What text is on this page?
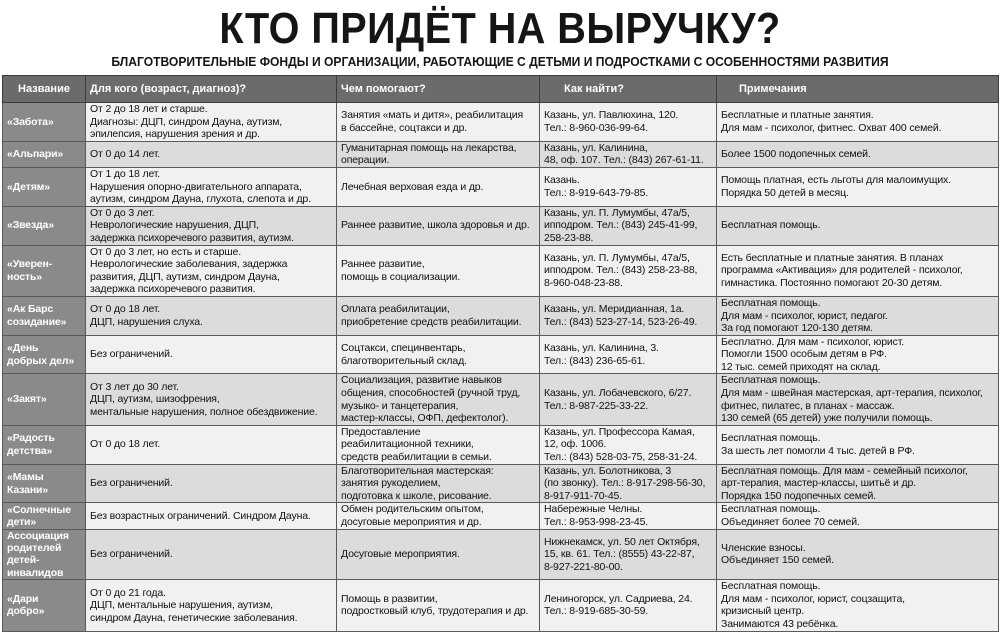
КТО ПРИДЁТ НА ВЫРУЧКУ?
БЛАГОТВОРИТЕЛЬНЫЕ ФОНДЫ И ОРГАНИЗАЦИИ, РАБОТАЮЩИЕ С ДЕТЬМИ И ПОДРОСТКАМИ С ОСОБЕННОСТЯМИ РАЗВИТИЯ
Название	Для кого (возраст, диагноз)?	Чем помогают?	Как найти?	Примечания

«Забота»	От 2 до 18 лет и старше.
Диагнозы: ДЦП, синдром Дауна, аутизм,
эпилепсия, нарушения зрения и др.	Занятия «мать и дитя», реабилитация
в бассейне, соцтакси и др.	Казань, ул. Павлюхина, 120.
Тел.: 8-960-036-99-64.	Бесплатные и платные занятия.
Для мам - психолог, фитнес. Охват 400 семей.

«Альпари»	От 0 до 14 лет.	Гуманитарная помощь на лекарства,
операции.	Казань, ул. Калинина,
48, оф. 107. Тел.: (843) 267-61-11.	Более 1500 подопечных семей.

«Детям»	От 1 до 18 лет.
Нарушения опорно-двигательного аппарата,
аутизм, синдром Дауна, глухота, слепота и др.	Лечебная верховая езда и др.	Казань.
Тел.: 8-919-643-79-85.	Помощь платная, есть льготы для малоимущих.
Порядка 50 детей в месяц.

«Звезда»	От 0 до 3 лет.
Неврологические нарушения, ДЦП,
задержка психоречевого развития, аутизм.	Раннее развитие, школа здоровья и др.	Казань, ул. П. Лумумбы, 47а/5,
ипподром. Тел.: (843) 245-41-99,
258-23-88.	Бесплатная помощь.

«Уверен-
ность»	От 0 до 3 лет, но есть и старше.
Неврологические заболевания, задержка
развития, ДЦП, аутизм, синдром Дауна,
задержка психоречевого развития.	Раннее развитие,
помощь в социализации.	Казань, ул. П. Лумумбы, 47а/5,
ипподром. Тел.: (843) 258-23-88,
8-960-048-23-88.	Есть бесплатные и платные занятия. В планах
программа «Активация» для родителей - психолог,
гимнастика. Постоянно помогают 20-30 детям.

«Ак Барс
созидание»	От 0 до 18 лет.
ДЦП, нарушения слуха.	Оплата реабилитации,
приобретение средств реабилитации.	Казань, ул. Меридианная, 1а.
Тел.: (843) 523-27-14, 523-26-49.	Бесплатная помощь.
Для мам - психолог, юрист, педагог.
За год помогают 120-130 детям.

«День
добрых дел»	Без ограничений.	Соцтакси, специнвентарь,
благотворительный склад.	Казань, ул. Калинина, 3.
Тел.: (843) 236-65-61.	Бесплатно. Для мам - психолог, юрист.
Помогли 1500 особым детям в РФ.
12 тыс. семей приходят на склад.

«Закят»	От 3 лет до 30 лет.
ДЦП, аутизм, шизофрения,
ментальные нарушения, полное обездвижение.	Социализация, развитие навыков
общения, способностей (ручной труд,
музыко- и танцетерапия,
мастер-классы, ОФП, дефектолог).	Казань, ул. Лобачевского, 6/27.
Тел.: 8-987-225-33-22.	Бесплатная помощь.
Для мам - швейная мастерская, арт-терапия, психолог,
фитнес, пилатес, в планах - массаж.
130 семей (65 детей) уже получили помощь.

«Радость
детства»	От 0 до 18 лет.	Предоставление
реабилитационной техники,
средств реабилитации в семьи.	Казань, ул. Профессора Камая,
12, оф. 1006.
Тел.: (843) 528-03-75, 258-31-24.	Бесплатная помощь.
За шесть лет помогли 4 тыс. детей в РФ.

«Мамы
Казани»	Без ограничений.	Благотворительная мастерская:
занятия рукоделием,
подготовка к школе, рисование.	Казань, ул. Болотникова, 3
(по звонку). Тел.: 8-917-298-56-30,
8-917-911-70-45.	Бесплатная помощь. Для мам - семейный психолог,
арт-терапия, мастер-классы, шитьё и др.
Порядка 150 подопечных семей.

«Солнечные
дети»	Без возрастных ограничений. Синдром Дауна.	Обмен родительским опытом,
досуговые мероприятия и др.	Набережные Челны.
Тел.: 8-953-998-23-45.	Бесплатная помощь.
Объединяет более 70 семей.

Ассоциация
родителей
детей-
инвалидов	Без ограничений.	Досуговые мероприятия.	Нижнекамск, ул. 50 лет Октября,
15, кв. 61. Тел.: (8555) 43-22-87,
8-927-221-80-00.	Членские взносы.
Объединяет 150 семей.

«Дари
добро»	От 0 до 21 года.
ДЦП, ментальные нарушения, аутизм,
синдром Дауна, генетические заболевания.	Помощь в развитии,
подростковый клуб, трудотерапия и др.	Лениногорск, ул. Садриева, 24.
Тел.: 8-919-685-30-59.	Бесплатная помощь.
Для мам - психолог, юрист, соцзащита,
кризисный центр.
Занимаются 43 ребёнка.
